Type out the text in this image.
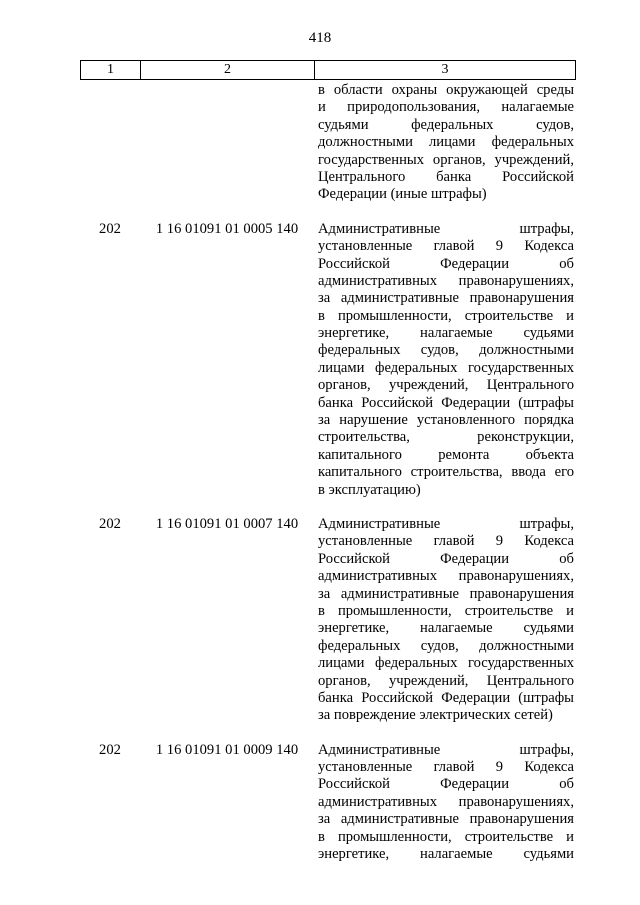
418
1	2	3
в области охраны окружающей среды
и природопользования, налагаемые
судьями федеральных судов,
должностными лицами федеральных
государственных органов, учреждений,
Центрального банка Российской
Федерации (иные штрафы)
202	1 16 01091 01 0005 140	Административные штрафы,
установленные главой 9 Кодекса
Российской Федерации об
административных правонарушениях,
за административные правонарушения
в промышленности, строительстве и
энергетике, налагаемые судьями
федеральных судов, должностными
лицами федеральных государственных
органов, учреждений, Центрального
банка Российской Федерации (штрафы
за нарушение установленного порядка
строительства, реконструкции,
капитального ремонта объекта
капитального строительства, ввода его
в эксплуатацию)
202	1 16 01091 01 0007 140	Административные штрафы,
установленные главой 9 Кодекса
Российской Федерации об
административных правонарушениях,
за административные правонарушения
в промышленности, строительстве и
энергетике, налагаемые судьями
федеральных судов, должностными
лицами федеральных государственных
органов, учреждений, Центрального
банка Российской Федерации (штрафы
за повреждение электрических сетей)
202	1 16 01091 01 0009 140	Административные штрафы,
установленные главой 9 Кодекса
Российской Федерации об
административных правонарушениях,
за административные правонарушения
в промышленности, строительстве и
энергетике, налагаемые судьями
